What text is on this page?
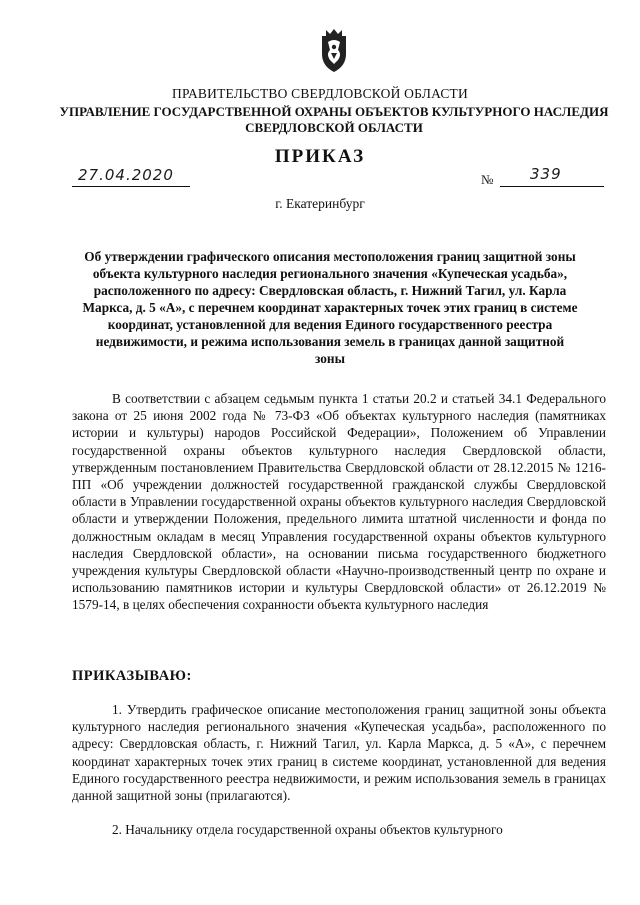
ПРАВИТЕЛЬСТВО СВЕРДЛОВСКОЙ ОБЛАСТИ
УПРАВЛЕНИЕ ГОСУДАРСТВЕННОЙ ОХРАНЫ ОБЪЕКТОВ КУЛЬТУРНОГО НАСЛЕДИЯ СВЕРДЛОВСКОЙ ОБЛАСТИ
ПРИКАЗ
27.04.2020	№ 339
г. Екатеринбург
Об утверждении графического описания местоположения границ защитной зоны объекта культурного наследия регионального значения «Купеческая усадьба», расположенного по адресу: Свердловская область, г. Нижний Тагил, ул. Карла Маркса, д. 5 «А», с перечнем координат характерных точек этих границ в системе координат, установленной для ведения Единого государственного реестра недвижимости, и режима использования земель в границах данной защитной зоны
В соответствии с абзацем седьмым пункта 1 статьи 20.2 и статьей 34.1 Федерального закона от 25 июня 2002 года № 73-ФЗ «Об объектах культурного наследия (памятниках истории и культуры) народов Российской Федерации», Положением об Управлении государственной охраны объектов культурного наследия Свердловской области, утвержденным постановлением Правительства Свердловской области от 28.12.2015 № 1216-ПП «Об учреждении должностей государственной гражданской службы Свердловской области в Управлении государственной охраны объектов культурного наследия Свердловской области и утверждении Положения, предельного лимита штатной численности и фонда по должностным окладам в месяц Управления государственной охраны объектов культурного наследия Свердловской области», на основании письма государственного бюджетного учреждения культуры Свердловской области «Научно-производственный центр по охране и использованию памятников истории и культуры Свердловской области» от 26.12.2019 № 1579-14, в целях обеспечения сохранности объекта культурного наследия
ПРИКАЗЫВАЮ:
1. Утвердить графическое описание местоположения границ защитной зоны объекта культурного наследия регионального значения «Купеческая усадьба», расположенного по адресу: Свердловская область, г. Нижний Тагил, ул. Карла Маркса, д. 5 «А», с перечнем координат характерных точек этих границ в системе координат, установленной для ведения Единого государственного реестра недвижимости, и режим использования земель в границах данной защитной зоны (прилагаются).
2. Начальнику отдела государственной охраны объектов культурного
